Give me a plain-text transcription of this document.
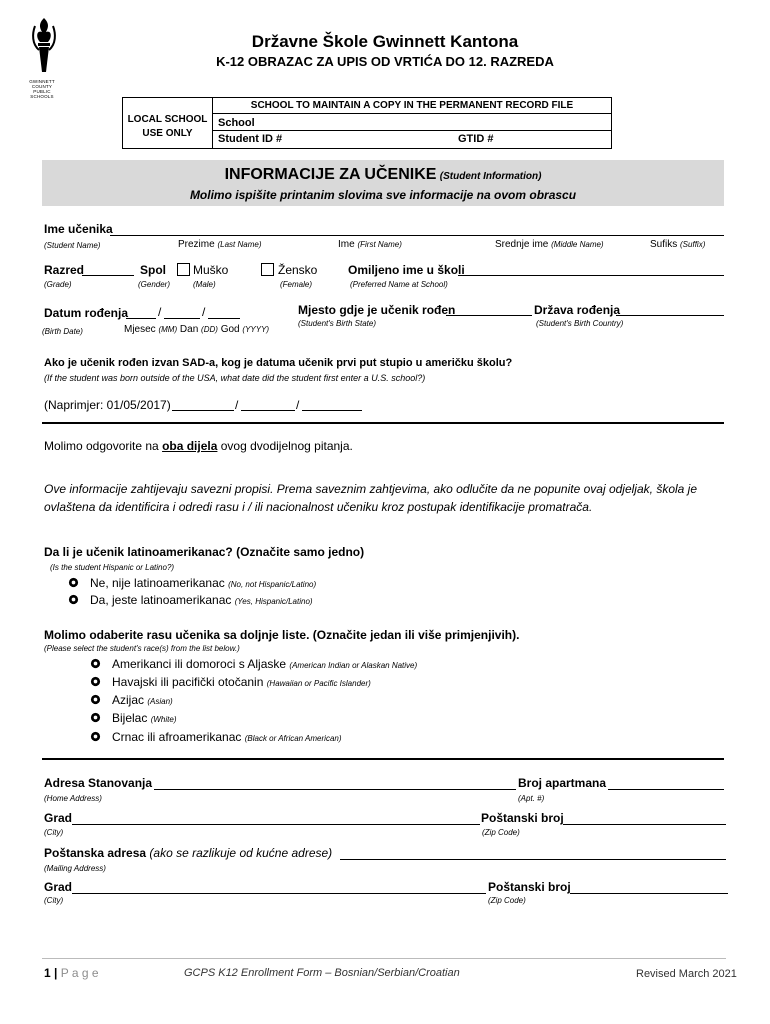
GWINNETT COUNTY PUBLIC SCHOOLS
Državne Škole Gwinnett Kantona
K-12 OBRAZAC ZA UPIS OD VRTIĆA DO 12. RAZREDA
LOCAL SCHOOL
USE ONLY
SCHOOL TO MAINTAIN A COPY IN THE PERMANENT RECORD FILE
School
Student ID #	GTID #
INFORMACIJE ZA UČENIKE (Student Information)
Molimo ispišite printanim slovima sve informacije na ovom obrascu
Ime učenika
(Student Name)	Prezime (Last Name)	Ime (First Name)	Srednje ime (Middle Name)	Sufiks (Suffix)
Razred
(Grade)
Spol
(Gender)
Muško
(Male)
Žensko
(Female)
Omiljeno ime u školi
(Preferred Name at School)
Datum rođenja /	/
(Birth Date)	Mjesec (MM) Dan (DD) God (YYYY)
Mjesto gdje je učenik rođen
(Student's Birth State)
Država rođenja
(Student's Birth Country)
Ako je učenik rođen izvan SAD-a, kog je datuma učenik prvi put stupio u američku školu?
(If the student was born outside of the USA, what date did the student first enter a U.S. school?)
(Naprimjer: 01/05/2017)	/	/
Molimo odgovorite na oba dijela ovog dvodijelnog pitanja.
Ove informacije zahtijevaju savezni propisi. Prema saveznim zahtjevima, ako odlučite da ne popunite ovaj odjeljak, škola je
ovlaštena da identificira i odredi rasu i / ili nacionalnost učeniku kroz postupak identifikacije promatrača.
Da li je učenik latinoamerikanac? (Označite samo jedno)
(Is the student Hispanic or Latino?)
Ne, nije latinoamerikanac (No, not Hispanic/Latino)
Da, jeste latinoamerikanac (Yes, Hispanic/Latino)
Molimo odaberite rasu učenika sa doljnje liste. (Označite jedan ili više primjenjivih).
(Please select the student's race(s) from the list below.)
Amerikanci ili domoroci s Aljaske (American Indian or Alaskan Native)
Havajski ili pacifički otočanin (Hawaiian or Pacific Islander)
Azijac (Asian)
Bijelac (White)
Crnac ili afroamerikanac (Black or African American)
Adresa Stanovanja
(Home Address)
Broj apartmana
(Apt. #)
Grad
(City)
Poštanski broj
(Zip Code)
Poštanska adresa (ako se razlikuje od kućne adrese)
(Mailing Address)
Grad
(City)
Poštanski broj
(Zip Code)
1 | P a g e	GCPS K12 Enrollment Form – Bosnian/Serbian/Croatian	Revised March 2021
